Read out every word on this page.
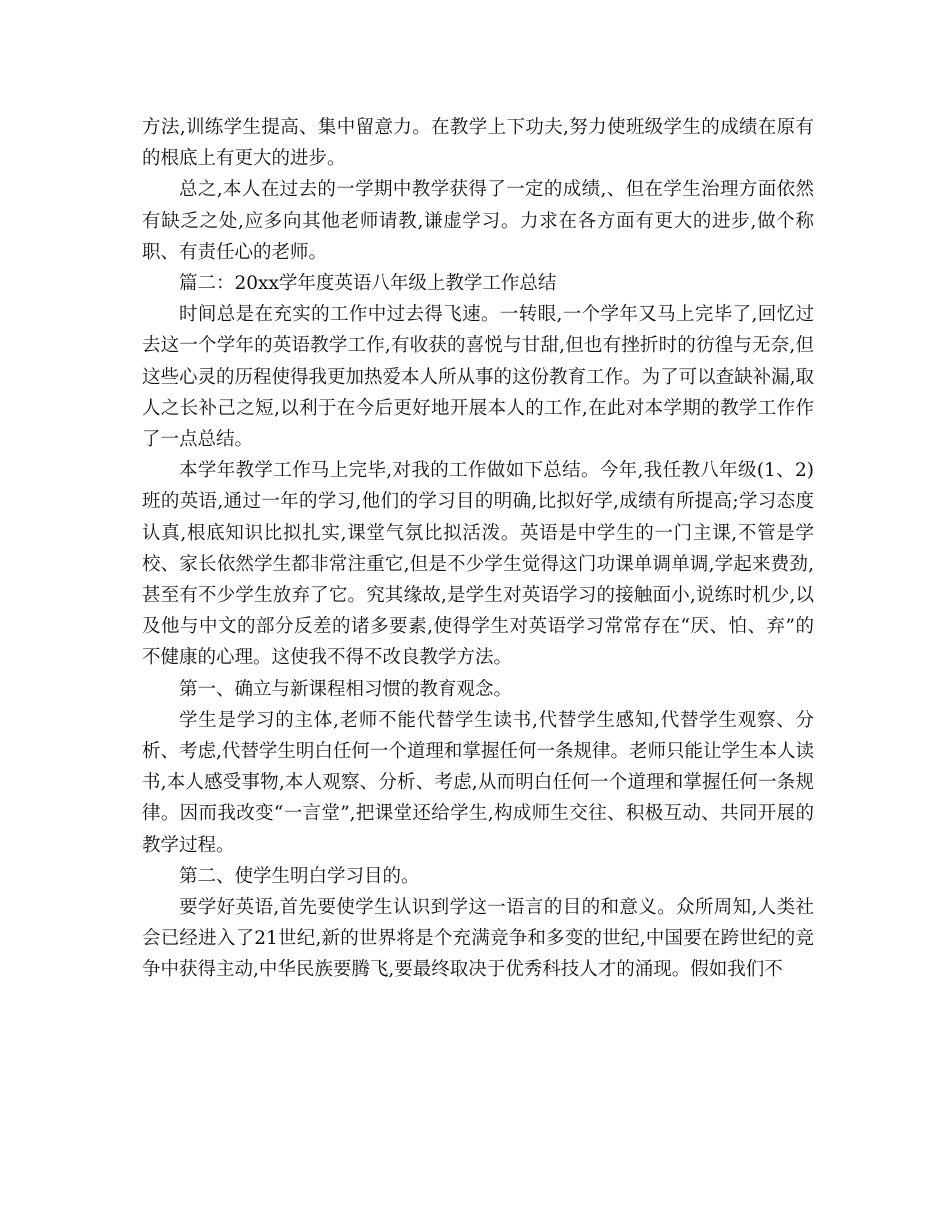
方法,训练学生提高、集中留意力。在教学上下功夫,努力使班级学生的成绩在原有的根底上有更大的进步。

总之,本人在过去的一学期中教学获得了一定的成绩,、但在学生治理方面依然有缺乏之处,应多向其他老师请教,谦虚学习。力求在各方面有更大的进步,做个称职、有责任心的老师。

篇二：20xx学年度英语八年级上教学工作总结

时间总是在充实的工作中过去得飞速。一转眼,一个学年又马上完毕了,回忆过去这一个学年的英语教学工作,有收获的喜悦与甘甜,但也有挫折时的彷徨与无奈,但这些心灵的历程使得我更加热爱本人所从事的这份教育工作。为了可以查缺补漏,取人之长补己之短,以利于在今后更好地开展本人的工作,在此对本学期的教学工作作了一点总结。

本学年教学工作马上完毕,对我的工作做如下总结。今年,我任教八年级(1、2)班的英语,通过一年的学习,他们的学习目的明确,比拟好学,成绩有所提高;学习态度认真,根底知识比拟扎实,课堂气氛比拟活泼。英语是中学生的一门主课,不管是学校、家长依然学生都非常注重它,但是不少学生觉得这门功课单调单调,学起来费劲,甚至有不少学生放弃了它。究其缘故,是学生对英语学习的接触面小,说练时机少,以及他与中文的部分反差的诸多要素,使得学生对英语学习常常存在“厌、怕、弃”的不健康的心理。这使我不得不改良教学方法。

第一、确立与新课程相习惯的教育观念。

学生是学习的主体,老师不能代替学生读书,代替学生感知,代替学生观察、分析、考虑,代替学生明白任何一个道理和掌握任何一条规律。老师只能让学生本人读书,本人感受事物,本人观察、分析、考虑,从而明白任何一个道理和掌握任何一条规律。因而我改变“一言堂”,把课堂还给学生,构成师生交往、积极互动、共同开展的教学过程。

第二、使学生明白学习目的。

要学好英语,首先要使学生认识到学这一语言的目的和意义。众所周知,人类社会已经进入了21世纪,新的世界将是个充满竞争和多变的世纪,中国要在跨世纪的竞争中获得主动,中华民族要腾飞,要最终取决于优秀科技人才的涌现。假如我们不
